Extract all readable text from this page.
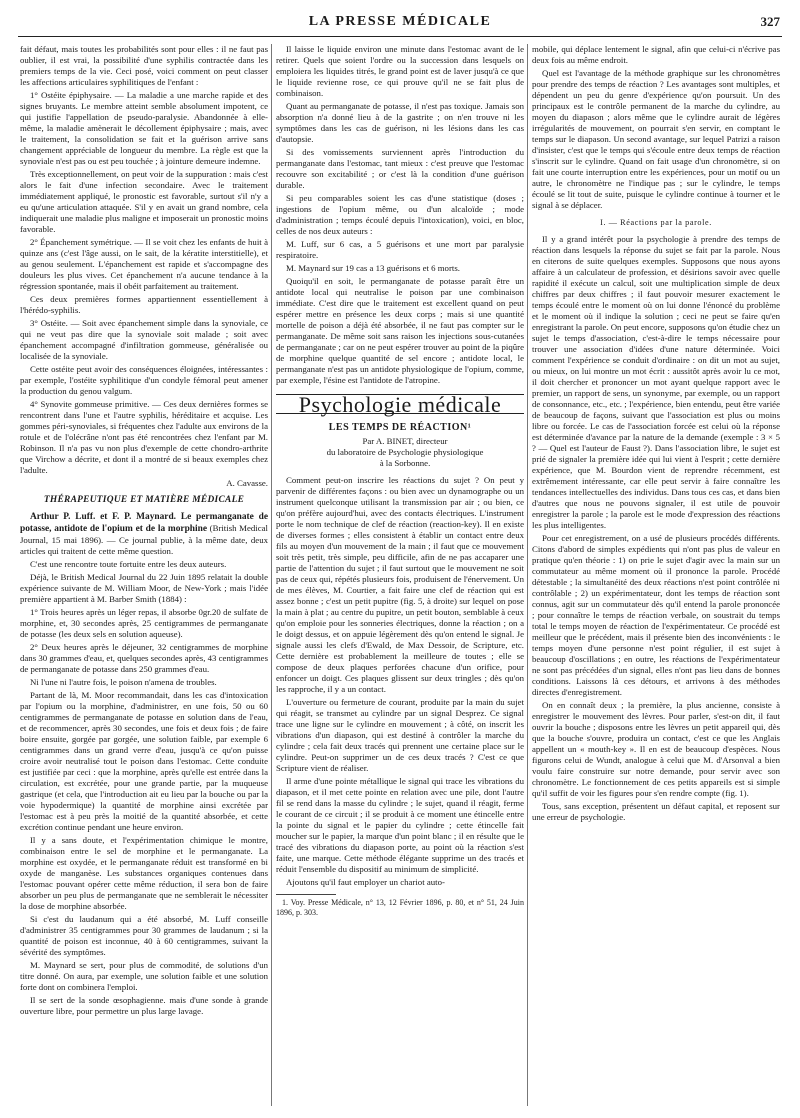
LA PRESSE MÉDICALE	327

fait défaut, mais toutes les probabilités sont pour elles : il ne faut pas oublier, il est vrai, la possibilité d'une syphilis contractée dans les premiers temps de la vie. Ceci posé, voici comment on peut classer les affections articulaires syphilitiques de l'enfant :

1° Ostéite épiphysaire. — La maladie a une marche rapide et des signes bruyants. Le membre atteint semble absolument impotent, ce qui justifie l'appellation de pseudo-paralysie. Abandonnée à elle-même, la maladie amènerait le décollement épiphysaire ; mais, avec le traitement, la consolidation se fait et la guérison arrive sans changement appréciable de longueur du membre. La règle est que la synoviale n'est pas ou est peu touchée ; à jointure demeure indemne.

Très exceptionnellement, on peut voir de la suppuration : mais c'est alors le fait d'une infection secondaire. Avec le traitement immédiatement appliqué, le pronostic est favorable, surtout s'il n'y a eu qu'une articulation attaquée. S'il y en avait un grand nombre, cela indiquerait une maladie plus maligne et imposerait un pronostic moins favorable.

2° Épanchement symétrique. — Il se voit chez les enfants de huit à quinze ans (c'est l'âge aussi, on le sait, de la kératite interstitielle), et au genou seulement. L'épanchement est rapide et s'accompagne des douleurs les plus vives. Cet épanchement n'a aucune tendance à la régression spontanée, mais il obéit parfaitement au traitement.

Ces deux premières formes appartiennent essentiellement à l'hérédo-syphilis.

3° Ostéite. — Soit avec épanchement simple dans la synoviale, ce qui ne veut pas dire que la synoviale soit malade ; soit avec épanchement accompagné d'infiltration gommeuse, généralisée ou localisée de la synoviale.

Cette ostéite peut avoir des conséquences éloignées, intéressantes : par exemple, l'ostéite syphilitique d'un condyle fémoral peut amener la production du genou valgum.

4° Synovite gommeuse primitive. — Ces deux dernières formes se rencontrent dans l'une et l'autre syphilis, héréditaire et acquise. Les gommes péri-synoviales, si fréquentes chez l'adulte aux environs de la rotule et de l'olécrâne n'ont pas été rencontrées chez l'enfant par M. Robinson. Il n'a pas vu non plus d'exemple de cette chondro-arthrite que Virchow a décrite, et dont il a montré de si beaux exemples chez l'adulte.

A. Cavasse.
THÉRAPEUTIQUE ET MATIÈRE MÉDICALE

Arthur P. Luff. et F. P. Maynard. Le permanganate de potasse, antidote de l'opium et de la morphine (British Medical Journal, 15 mai 1896). — Ce journal publie, à la même date, deux articles qui traitent de cette même question.

C'est une rencontre toute fortuite entre les deux auteurs.

Déjà, le British Medical Journal du 22 Juin 1895 relatait la double expérience suivante de M. William Moor, de New-York ; mais l'idée première appartient à M. Barber Smith (1884) :

1° Trois heures après un léger repas, il absorbe 0gr.20 de sulfate de morphine, et, 30 secondes après, 25 centigrammes de permanganate de potasse (les deux sels en solution aqueuse).

2° Deux heures après le déjeuner, 32 centigrammes de morphine dans 30 grammes d'eau, et, quelques secondes après, 43 centigrammes de permanganate de potasse dans 250 grammes d'eau.

Ni l'une ni l'autre fois, le poison n'amena de troubles.

Partant de là, M. Moor recommandait, dans les cas d'intoxication par l'opium ou la morphine, d'administrer, en une fois, 50 ou 60 centigrammes de permanganate de potasse en solution dans de l'eau, et de recommencer, après 30 secondes, une fois et deux fois ; de faire boire ensuite, gorgée par gorgée, une solution faible, par exemple 6 centigrammes dans un grand verre d'eau, jusqu'à ce qu'on puisse croire avoir neutralisé tout le poison dans l'estomac. Cette conduite est justifiée par ceci : que la morphine, après qu'elle est entrée dans la circulation, est excrétée, pour une grande partie, par la muqueuse gastrique (et cela, que l'introduction ait eu lieu par la bouche ou par la voie hypodermique) la quantité de morphine ainsi excrétée par l'estomac est à peu près la moitié de la quantité absorbée, et cette excrétion continue pendant une heure environ.

Il y a sans doute, et l'expérimentation chimique le montre, combinaison entre le sel de morphine et le permanganate. La morphine est oxydée, et le permanganate réduit est transformé en bi oxyde de manganèse. Les substances organiques contenues dans l'estomac pouvant opérer cette même réduction, il sera bon de faire absorber un peu plus de permanganate que ne semblerait le nécessiter la dose de morphine absorbée.

Si c'est du laudanum qui a été absorbé, M. Luff conseille d'administrer 35 centigrammes pour 30 grammes de laudanum ; si la quantité de poison est inconnue, 40 à 60 centigrammes, suivant la sévérité des symptômes.

M. Maynard se sert, pour plus de commodité, de solutions d'un titre donné. On aura, par exemple, une solution faible et une solution forte dont on combinera l'emploi.

Il se sert de la sonde œsophagienne. mais d'une sonde à grande ouverture libre, pour permettre un plus large lavage.

Il laisse le liquide environ une minute dans l'estomac avant de le retirer. Quels que soient l'ordre ou la succession dans lesquels on emploiera les liquides titrés, le grand point est de laver jusqu'à ce que le liquide revienne rose, ce qui prouve qu'il ne se fait plus de combinaison.

Quant au permanganate de potasse, il n'est pas toxique. Jamais son absorption n'a donné lieu à de la gastrite ; on n'en trouve ni les symptômes dans les cas de guérison, ni les lésions dans les cas d'autopsie.

Si des vomissements surviennent après l'introduction du permanganate dans l'estomac, tant mieux : c'est preuve que l'estomac recouvre son excitabilité ; or c'est là la condition d'une guérison durable.

Si peu comparables soient les cas d'une statistique (doses ; ingestions de l'opium même, ou d'un alcaloïde ; mode d'administration ; temps écoulé depuis l'intoxication), voici, en bloc, celles de nos deux auteurs :

M. Luff, sur 6 cas, a 5 guérisons et une mort par paralysie respiratoire.

M. Maynard sur 19 cas a 13 guérisons et 6 morts.

Quoiqu'il en soit, le permanganate de potasse paraît être un antidote local qui neutralise le poison par une combinaison immédiate. C'est dire que le traitement est excellent quand on peut espérer mettre en présence les deux corps ; mais si une quantité mortelle de poison a déjà été absorbée, il ne faut pas compter sur le permanganate. De même soit sans raison les injections sous-cutanées de permanganate ; car on ne peut espérer trouver au point de la piqûre de morphine quelque quantité de sel encore ; antidote local, le permanganate n'est pas un antidote physiologique de l'opium, comme, par exemple, l'ésine est l'antidote de l'atropine.

Psychologie médicale
LES TEMPS DE RÉACTION¹

Par A. BINET, directeur

du laboratoire de Psychologie physiologique

à la Sorbonne.

Comment peut-on inscrire les réactions du sujet ? On peut y parvenir de différentes façons : ou bien avec un dynamographe ou un instrument quelconque utilisant la transmission par air ; ou bien, ce qu'on préfère aujourd'hui, avec des contacts électriques. L'instrument porte le nom technique de clef de réaction (reaction-key). Il en existe de diverses formes ; elles consistent à établir un contact entre deux fils au moyen d'un mouvement de la main ; il faut que ce mouvement soit très petit, très simple, peu difficile, afin de ne pas accaparer une partie de l'attention du sujet ; il faut surtout que le mouvement ne soit pas de ceux qui, répétés plusieurs fois, produisent de l'énervement. Un de mes élèves, M. Courtier, a fait faire une clef de réaction qui est assez bonne ; c'est un petit pupitre (fig. 5, à droite) sur lequel on pose la main à plat ; au centre du pupitre, un petit bouton, semblable à ceux qu'on emploie pour les sonneries électriques, donne la réaction ; on a le doigt dessus, et on appuie légèrement dès qu'on entend le signal. Je signale aussi les clefs d'Ewald, de Max Dessoir, de Scripture, etc. Cette dernière est probablement la meilleure de toutes ; elle se compose de deux plaques perforées chacune d'un orifice, pour enfoncer un doigt. Ces plaques glissent sur deux tringles ; dès qu'on les rapproche, il y a un contact.

L'ouverture ou fermeture de courant, produite par la main du sujet qui réagit, se transmet au cylindre par un signal Desprez. Ce signal trace une ligne sur le cylindre en mouvement ; à côté, on inscrit les vibrations d'un diapason, qui est destiné à contrôler la marche du cylindre ; cela fait deux tracés qui prennent une certaine place sur le cylindre. Peut-on supprimer un de ces deux tracés ? C'est ce que Scripture vient de réaliser.

Il arme d'une pointe métallique le signal qui trace les vibrations du diapason, et il met cette pointe en relation avec une pile, dont l'autre fil se rend dans la masse du cylindre ; le sujet, quand il réagit, ferme le courant de ce circuit ; il se produit à ce moment une étincelle entre la pointe du signal et le papier du cylindre ; cette étincelle fait moucher sur le papier, la marque d'un point blanc ; il en résulte que le tracé des vibrations du diapason porte, au point où la réaction s'est faite, une marque. Cette méthode élégante supprime un des tracés et réduit l'ensemble du dispositif au minimum de simplicité.

Ajoutons qu'il faut employer un chariot auto-

1. Voy. Presse Médicale, n° 13, 12 Février 1896, p. 80, et n° 51, 24 Juin 1896, p. 303.

mobile, qui déplace lentement le signal, afin que celui-ci n'écrive pas deux fois au même endroit.

Quel est l'avantage de la méthode graphique sur les chronomètres pour prendre des temps de réaction ? Les avantages sont multiples, et dépendent un peu du genre d'expérience qu'on poursuit. Un des principaux est le contrôle permanent de la marche du cylindre, au moyen du diapason ; alors même que le cylindre aurait de légères irrégularités de mouvement, on pourrait s'en servir, en comptant le temps sur le diapason. Un second avantage, sur lequel Patrizi a raison d'insister, c'est que le temps qui s'écoule entre deux temps de réaction s'inscrit sur le cylindre. Quand on fait usage d'un chronomètre, si on fait une courte interruption entre les expériences, pour un motif ou un autre, le chronomètre ne l'indique pas ; sur le cylindre, le temps écoulé se lit tout de suite, puisque le cylindre continue à tourner et le signal à se déplacer.

I. — Réactions par la parole.

Il y a grand intérêt pour la psychologie à prendre des temps de réaction dans lesquels la réponse du sujet se fait par la parole. Nous en citerons de suite quelques exemples. Supposons que nous ayons affaire à un calculateur de profession, et désirions savoir avec quelle rapidité il exécute un calcul, soit une multiplication simple de deux chiffres par deux chiffres ; il faut pouvoir mesurer exactement le temps écoulé entre le moment où on lui donne l'énoncé du problème et le moment où il indique la solution ; ceci ne peut se faire qu'en enregistrant la parole. On peut encore, supposons qu'on étudie chez un sujet le temps d'association, c'est-à-dire le temps nécessaire pour trouver une association d'idées d'une nature déterminée. Voici comment l'expérience se conduit d'ordinaire : on dit un mot au sujet, ou mieux, on lui montre un mot écrit : aussitôt après avoir lu ce mot, il doit chercher et prononcer un mot ayant quelque rapport avec le premier, un rapport de sens, un synonyme, par exemple, ou un rapport de consonnance, etc., etc. ; l'expérience, bien entendu, peut être variée de beaucoup de façons, suivant que l'association est plus ou moins libre ou forcée. Le cas de l'association forcée est celui où la réponse est déterminée d'avance par la nature de la demande (exemple : 3 × 5 ? — Quel est l'auteur de Faust ?). Dans l'association libre, le sujet est prié de signaler la première idée qui lui vient à l'esprit ; cette dernière expérience, que M. Bourdon vient de reprendre récemment, est extrêmement intéressante, car elle peut servir à faire connaître les tendances intellectuelles des individus. Dans tous ces cas, et dans bien d'autres que nous ne pouvons signaler, il est utile de pouvoir enregistrer la parole ; la parole est le mode d'expression des réactions les plus intelligentes.

Pour cet enregistrement, on a usé de plusieurs procédés différents. Citons d'abord de simples expédients qui n'ont pas plus de valeur en pratique qu'en théorie : 1) on prie le sujet d'agir avec la main sur un commutateur au même moment où il prononce la parole. Procédé détestable ; la simultanéité des deux réactions n'est point contrôlée ni contrôlable ; 2) un expérimentateur, dont les temps de réaction sont connus, agit sur un commutateur dès qu'il entend la parole prononcée ; pour connaître le temps de réaction verbale, on soustrait du temps total le temps moyen de réaction de l'expérimentateur. Ce procédé est meilleur que le précédent, mais il présente bien des inconvénients : le temps moyen d'une personne n'est point régulier, il est sujet à beaucoup d'oscillations ; en outre, les réactions de l'expérimentateur ne sont pas précédées d'un signal, elles n'ont pas lieu dans de bonnes conditions. Laissons là ces détours, et arrivons à des méthodes directes d'enregistrement.

On en connaît deux ; la première, la plus ancienne, consiste à enregistrer le mouvement des lèvres. Pour parler, s'est-on dit, il faut ouvrir la bouche ; disposons entre les lèvres un petit appareil qui, dès que la bouche s'ouvre, produira un contact, c'est ce que les Anglais appellent un « mouth-key ». Il en est de beaucoup d'espèces. Nous figurons celui de Wundt, analogue à celui que M. d'Arsonval a bien voulu faire construire sur notre demande, pour servir avec son chronomètre. Le fonctionnement de ces petits appareils est si simple qu'il suffit de voir les figures pour s'en rendre compte (fig. 1).

Tous, sans exception, présentent un défaut capital, et reposent sur une erreur de psychologie.
